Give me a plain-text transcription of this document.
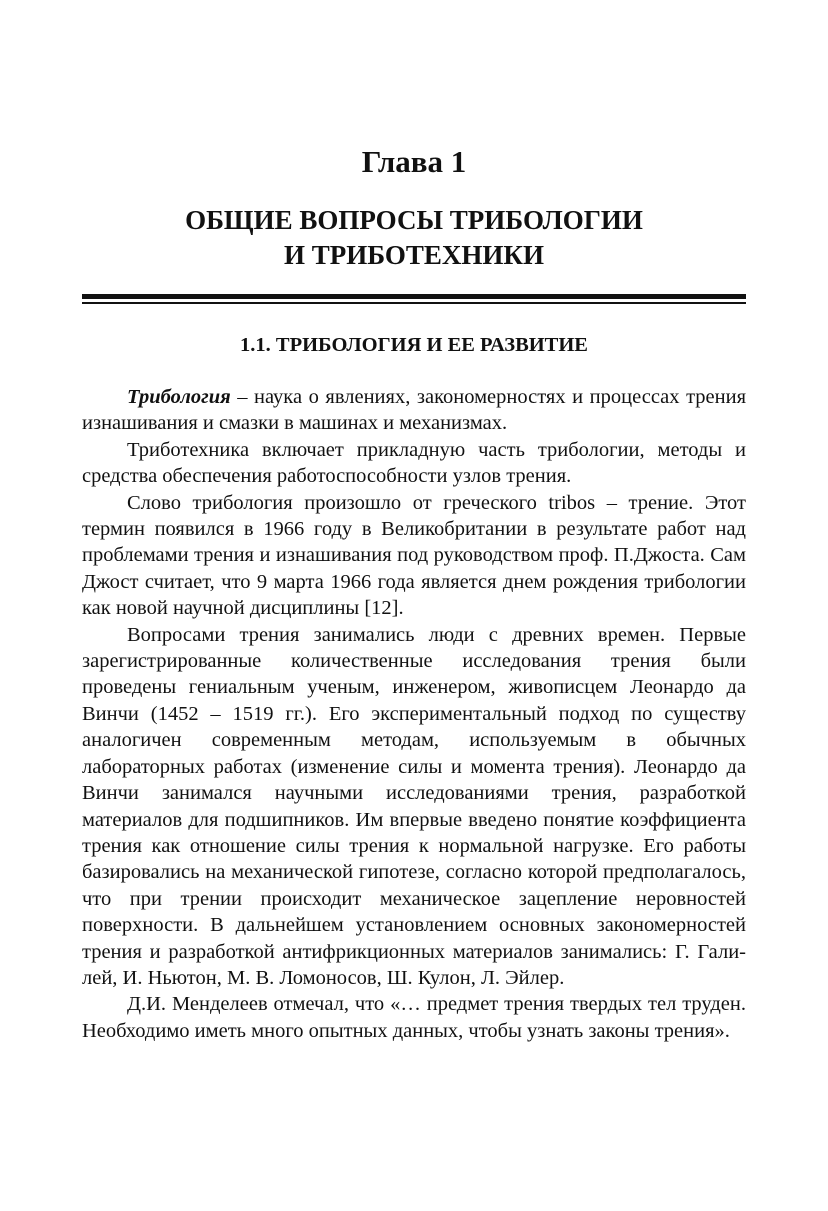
Глава 1
ОБЩИЕ ВОПРОСЫ ТРИБОЛОГИИ
И ТРИБОТЕХНИКИ
1.1. ТРИБОЛОГИЯ И ЕЕ РАЗВИТИЕ

Трибология – наука о явлениях, закономерностях и процессах трения изнашивания и смазки в машинах и механизмах.

Триботехника включает прикладную часть трибологии, методы и средства обеспечения работоспособности узлов трения.

Слово трибология произошло от греческого tribos – трение. Этот термин появился в 1966 году в Великобритании в результате работ над проблемами трения и изнашивания под руководством проф. П.Джоста. Сам Джост считает, что 9 марта 1966 года является днем рождения трибологии как новой научной дисциплины [12].

Вопросами трения занимались люди с древних времен. Первые зарегистрированные количественные исследования трения были проведены гениальным ученым, инженером, живописцем Леонардо да Винчи (1452 – 1519 гг.). Его экспериментальный подход по существу аналогичен современным методам, используемым в обычных лабораторных работах (изменение силы и момента трения). Леонардо да Винчи занимался научными исследованиями трения, разработкой материалов для подшипников. Им впервые введено понятие коэффициента трения как отношение силы трения к нормальной нагрузке. Его работы базировались на механической гипотезе, согласно которой предполагалось, что при трении происходит механическое зацепление неровностей поверхности. В дальнейшем установлением основных закономерностей трения и разработкой антифрикционных материалов занимались: Г. Галилей, И. Ньютон, М. В. Ломоносов, Ш. Кулон, Л. Эйлер.

Д.И. Менделеев отмечал, что «… предмет трения твердых тел труден. Необходимо иметь много опытных данных, чтобы узнать законы трения».
